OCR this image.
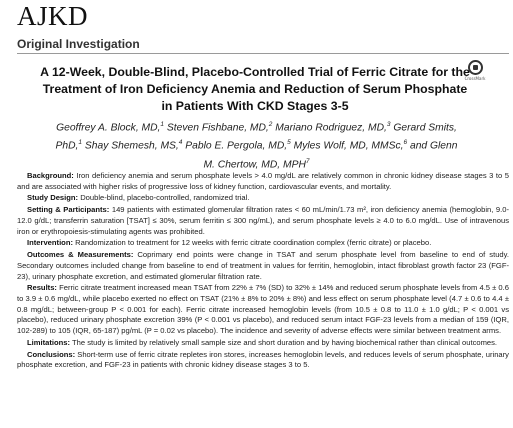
AJKD
Original Investigation
CrossMark
A 12-Week, Double-Blind, Placebo-Controlled Trial of Ferric Citrate for the Treatment of Iron Deficiency Anemia and Reduction of Serum Phosphate in Patients With CKD Stages 3-5
Geoffrey A. Block, MD,$^1$ Steven Fishbane, MD,$^2$ Mariano Rodriguez, MD,$^3$ Gerard Smits, PhD,$^1$ Shay Shemesh, MS,$^4$ Pablo E. Pergola, MD,$^5$ Myles Wolf, MD, MMSc,$^6$ and Glenn M. Chertow, MD, MPH$^7$

Background: Iron deficiency anemia and serum phosphate levels > 4.0 mg/dL are relatively common in chronic kidney disease stages 3 to 5 and are associated with higher risks of progressive loss of kidney function, cardiovascular events, and mortality.

Study Design: Double-blind, placebo-controlled, randomized trial.

Setting & Participants: 149 patients with estimated glomerular filtration rates < 60 mL/min/1.73 m², iron deficiency anemia (hemoglobin, 9.0-12.0 g/dL; transferrin saturation [TSAT] ≤ 30%, serum ferritin ≤ 300 ng/mL), and serum phosphate levels ≥ 4.0 to 6.0 mg/dL. Use of intravenous iron or erythropoiesis-stimulating agents was prohibited.

Intervention: Randomization to treatment for 12 weeks with ferric citrate coordination complex (ferric citrate) or placebo.

Outcomes & Measurements: Coprimary end points were change in TSAT and serum phosphate level from baseline to end of study. Secondary outcomes included change from baseline to end of treatment in values for ferritin, hemoglobin, intact fibroblast growth factor 23 (FGF-23), urinary phosphate excretion, and estimated glomerular filtration rate.

Results: Ferric citrate treatment increased mean TSAT from 22% ± 7% (SD) to 32% ± 14% and reduced serum phosphate levels from 4.5 ± 0.6 to 3.9 ± 0.6 mg/dL, while placebo exerted no effect on TSAT (21% ± 8% to 20% ± 8%) and less effect on serum phosphate level (4.7 ± 0.6 to 4.4 ± 0.8 mg/dL; between-group P < 0.001 for each). Ferric citrate increased hemoglobin levels (from 10.5 ± 0.8 to 11.0 ± 1.0 g/dL; P < 0.001 vs placebo), reduced urinary phosphate excretion 39% (P < 0.001 vs placebo), and reduced serum intact FGF-23 levels from a median of 159 (IQR, 102-289) to 105 (IQR, 65-187) pg/mL (P = 0.02 vs placebo). The incidence and severity of adverse effects were similar between treatment arms.

Limitations: The study is limited by relatively small sample size and short duration and by having biochemical rather than clinical outcomes.

Conclusions: Short-term use of ferric citrate repletes iron stores, increases hemoglobin levels, and reduces levels of serum phosphate, urinary phosphate excretion, and FGF-23 in patients with chronic kidney disease stages 3 to 5.
